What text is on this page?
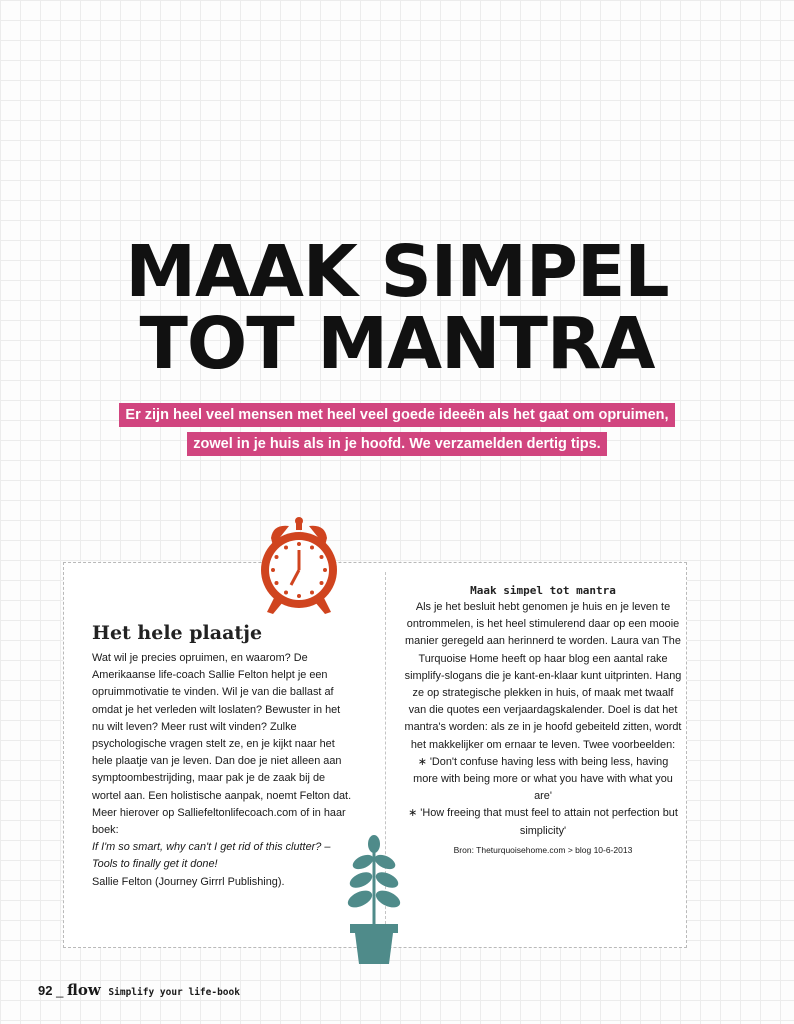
MAAK SIMPEL
TOT MANTRA
Er zijn heel veel mensen met heel veel goede ideeën als het gaat om opruimen,
zowel in je huis als in je hoofd. We verzamelden dertig tips.
Het hele plaatje

Wat wil je precies opruimen, en waarom? De Amerikaanse life-coach Sallie Felton helpt je een opruimmotivatie te vinden. Wil je van die ballast af omdat je het verleden wilt loslaten? Bewuster in het nu wilt leven? Meer rust wilt vinden? Zulke psychologische vragen stelt ze, en je kijkt naar het hele plaatje van je leven. Dan doe je niet alleen aan symptoombestrijding, maar pak je de zaak bij de wortel aan. Een holistische aanpak, noemt Felton dat. Meer hierover op Salliefeltonlifecoach.com of in haar boek:

If I'm so smart, why can't I get rid of this clutter? – Tools to finally get it done!

Sallie Felton (Journey Girrrl Publishing).

Maak simpel tot mantra

Als je het besluit hebt genomen je huis en je leven te ontrommelen, is het heel stimulerend daar op een mooie manier geregeld aan herinnerd te worden. Laura van The Turquoise Home heeft op haar blog een aantal rake simplify-slogans die je kant-en-klaar kunt uitprinten. Hang ze op strategische plekken in huis, of maak met twaalf van die quotes een verjaardagskalender. Doel is dat het mantra's worden: als ze in je hoofd gebeiteld zitten, wordt het makkelijker om ernaar te leven. Twee voorbeelden:

∗ 'Don't confuse having less with being less, having more with being more or what you have with what you are'

∗ 'How freeing that must feel to attain not perfection but simplicity'

Bron: Theturquoisehome.com > blog 10-6-2013

92 _ flow Simplify your life-book
